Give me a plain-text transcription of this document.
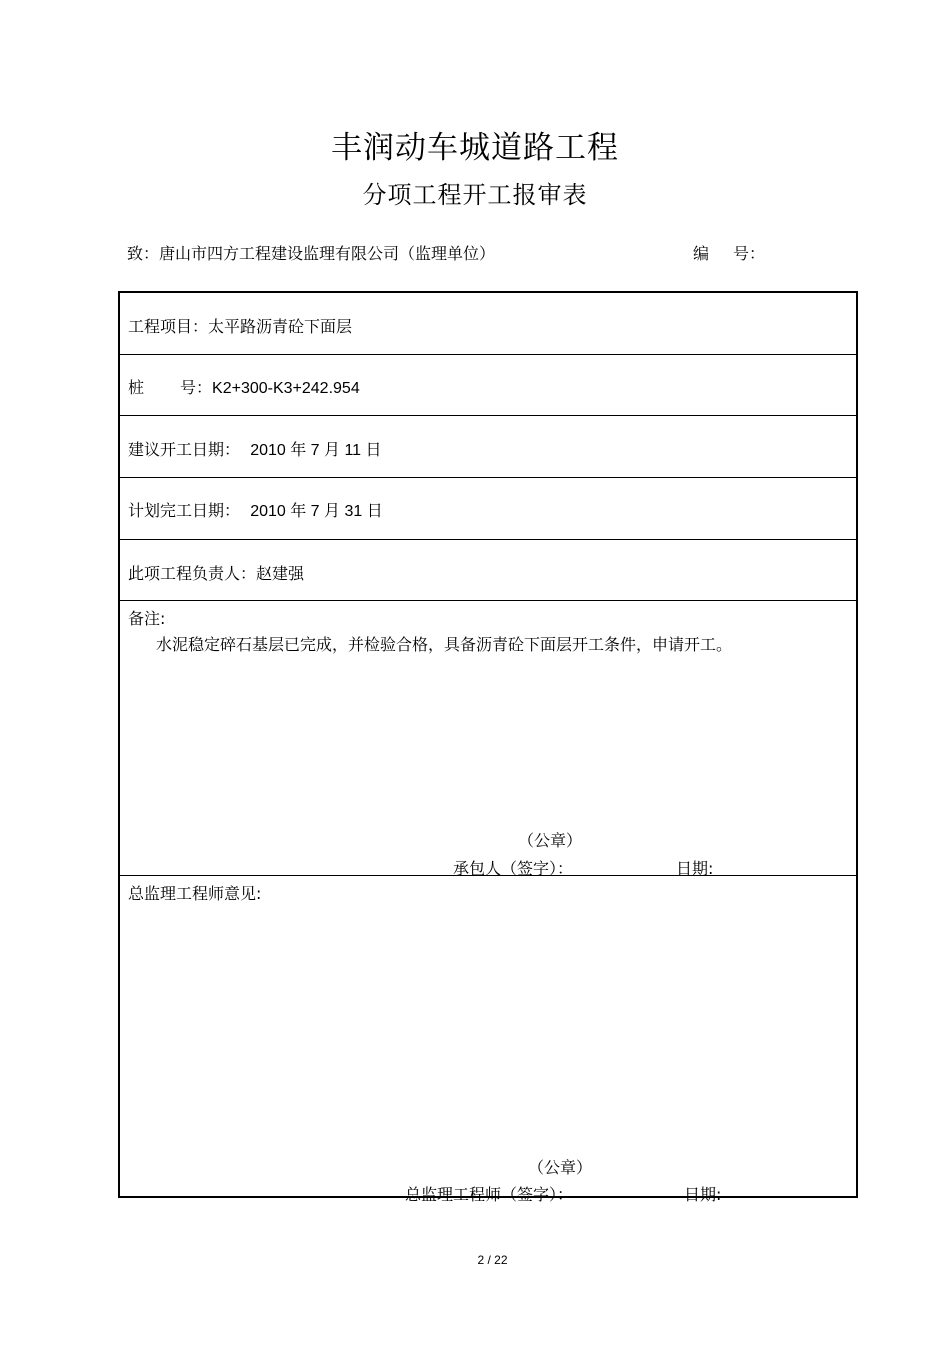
丰润动车城道路工程
分项工程开工报审表
致：唐山市四方工程建设监理有限公司（监理单位）	编 号：
工程项目：太平路沥青砼下面层
桩 号：K2+300-K3+242.954
建议开工日期： 2010 年 7 月 11 日
计划完工日期： 2010 年 7 月 31 日
此项工程负责人：赵建强
备注:
水泥稳定碎石基层已完成，并检验合格，具备沥青砼下面层开工条件，申请开工。
（公章）
承包人（签字）：	日期:
总监理工程师意见:
（公章）
总监理工程师（签字）：	日期:
2 / 22
